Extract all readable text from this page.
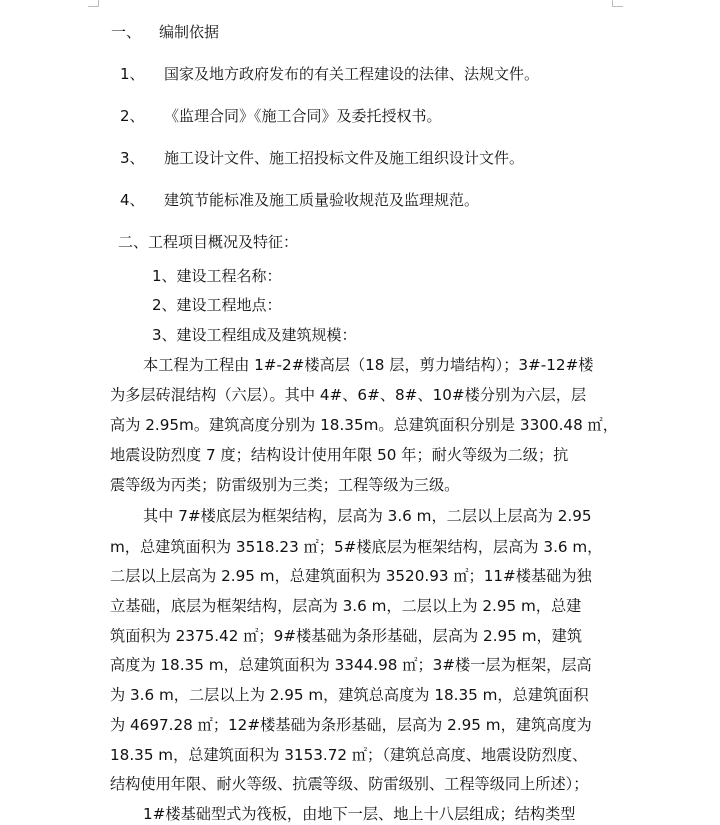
一、 编制依据
1、 国家及地方政府发布的有关工程建设的法律、法规文件。
2、 《监理合同》《施工合同》及委托授权书。
3、 施工设计文件、施工招投标文件及施工组织设计文件。
4、 建筑节能标准及施工质量验收规范及监理规范。
二、工程项目概况及特征：
1、建设工程名称：
2、建设工程地点：
3、建设工程组成及建筑规模：
本工程为工程由 1#-2#楼高层（18 层，剪力墙结构）；3#-12#楼
为多层砖混结构（六层）。其中 4#、6#、8#、10#楼分别为六层，层
高为 2.95m。建筑高度分别为 18.35m。总建筑面积分别是 3300.48 ㎡，
地震设防烈度 7 度；结构设计使用年限 50 年；耐火等级为二级；抗
震等级为丙类；防雷级别为三类；工程等级为三级。
其中 7#楼底层为框架结构，层高为 3.6 m，二层以上层高为 2.95
m，总建筑面积为 3518.23 ㎡；5#楼底层为框架结构，层高为 3.6 m，
二层以上层高为 2.95 m，总建筑面积为 3520.93 ㎡；11#楼基础为独
立基础，底层为框架结构，层高为 3.6 m，二层以上为 2.95 m，总建
筑面积为 2375.42 ㎡；9#楼基础为条形基础，层高为 2.95 m，建筑
高度为 18.35 m，总建筑面积为 3344.98 ㎡；3#楼一层为框架，层高
为 3.6 m，二层以上为 2.95 m，建筑总高度为 18.35 m，总建筑面积
为 4697.28 ㎡；12#楼基础为条形基础，层高为 2.95 m，建筑高度为
18.35 m，总建筑面积为 3153.72 ㎡；（建筑总高度、地震设防烈度、
结构使用年限、耐火等级、抗震等级、防雷级别、工程等级同上所述）；
1#楼基础型式为筏板，由地下一层、地上十八层组成；结构类型
